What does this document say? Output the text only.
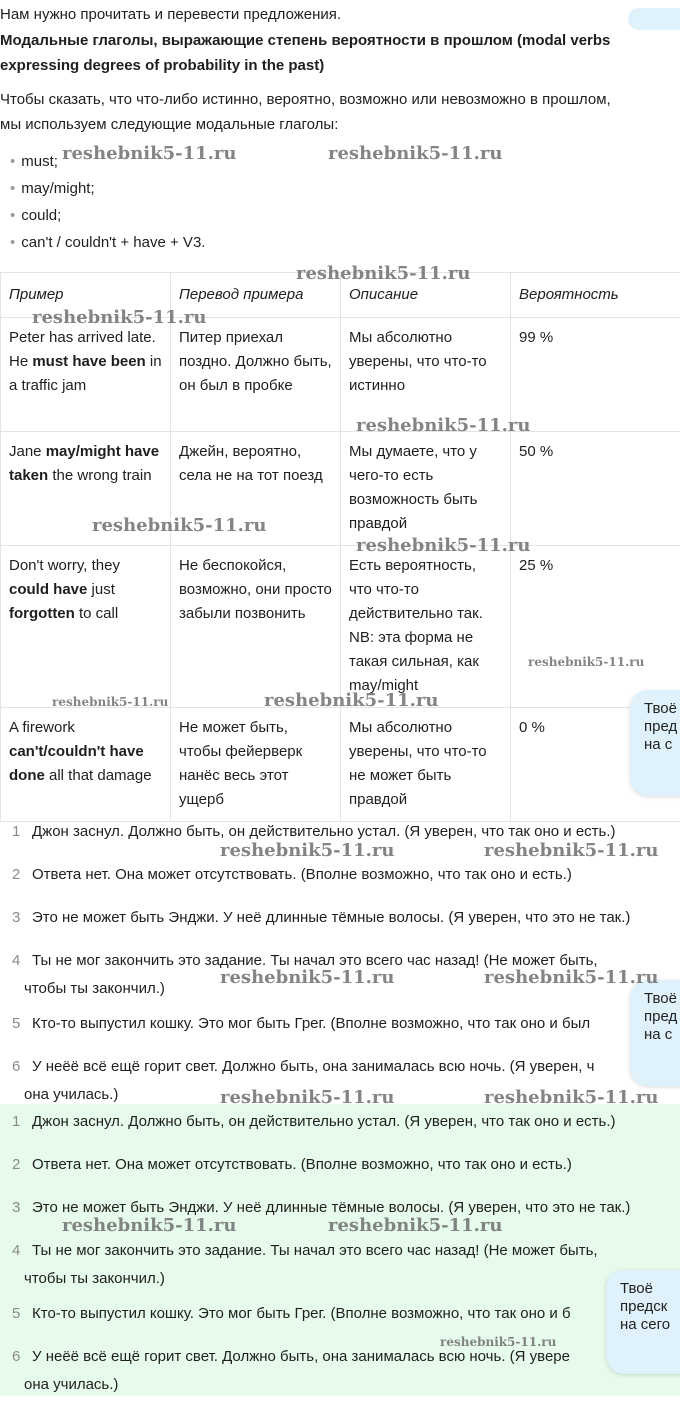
Нам нужно прочитать и перевести предложения.

Модальные глаголы, выражающие степень вероятности в прошлом (modal verbs

expressing degrees of probability in the past)

Чтобы сказать, что что-либо истинно, вероятно, возможно или невозможно в прошлом,

мы используем следующие модальные глаголы:

• must;
• may/might;
• could;
• can't / couldn't + have + V3.
Пример	Перевод примера	Описание	Вероятность
Peter has arrived late. He must have been in a traffic jam	Питер приехал поздно. Должно быть, он был в пробке	Мы абсолютно уверены, что что-то истинно	99 %
Jane may/might have taken the wrong train	Джейн, вероятно, села не на тот поезд	Мы думаете, что у чего-то есть возможность быть правдой	50 %
Don't worry, they could have just forgotten to call	Не беспокойся, возможно, они просто забыли позвонить	Есть вероятность, что что-то действительно так. NB: эта форма не такая сильная, как may/might	25 %
A firework can't/couldn't have done all that damage	Не может быть, чтобы фейерверк нанёс весь этот ущерб	Мы абсолютно уверены, что что-то не может быть правдой	0 %
1 Джон заснул. Должно быть, он действительно устал. (Я уверен, что так оно и есть.)
2 Ответа нет. Она может отсутствовать. (Вполне возможно, что так оно и есть.)
3 Это не может быть Энджи. У неё длинные тёмные волосы. (Я уверен, что это не так.)
4 Ты не мог закончить это задание. Ты начал это всего час назад! (Не может быть,
чтобы ты закончил.)
5 Кто-то выпустил кошку. Это мог быть Грег. (Вполне возможно, что так оно и был
6 У неёё всё ещё горит свет. Должно быть, она занималась всю ночь. (Я уверен, ч
она училась.)
1 Джон заснул. Должно быть, он действительно устал. (Я уверен, что так оно и есть.)
2 Ответа нет. Она может отсутствовать. (Вполне возможно, что так оно и есть.)
3 Это не может быть Энджи. У неё длинные тёмные волосы. (Я уверен, что это не так.)
4 Ты не мог закончить это задание. Ты начал это всего час назад! (Не может быть,
чтобы ты закончил.)
5 Кто-то выпустил кошку. Это мог быть Грег. (Вполне возможно, что так оно и б
6 У неёё всё ещё горит свет. Должно быть, она занималась всю ночь. (Я увере
она училась.)
Твоё
пред
на с
Твоё
пред
на с
Твоё
предск
на сего
reshebnik5-11.ru	reshebnik5-11.ru
reshebnik5-11.ru
reshebnik5-11.ru
reshebnik5-11.ru
reshebnik5-11.ru
reshebnik5-11.ru
reshebnik5-11.ru
reshebnik5-11.ru	reshebnik5-11.ru
reshebnik5-11.ru	reshebnik5-11.ru
reshebnik5-11.ru	reshebnik5-11.ru
reshebnik5-11.ru	reshebnik5-11.ru
reshebnik5-11.ru	reshebnik5-11.ru
reshebnik5-11.ru
